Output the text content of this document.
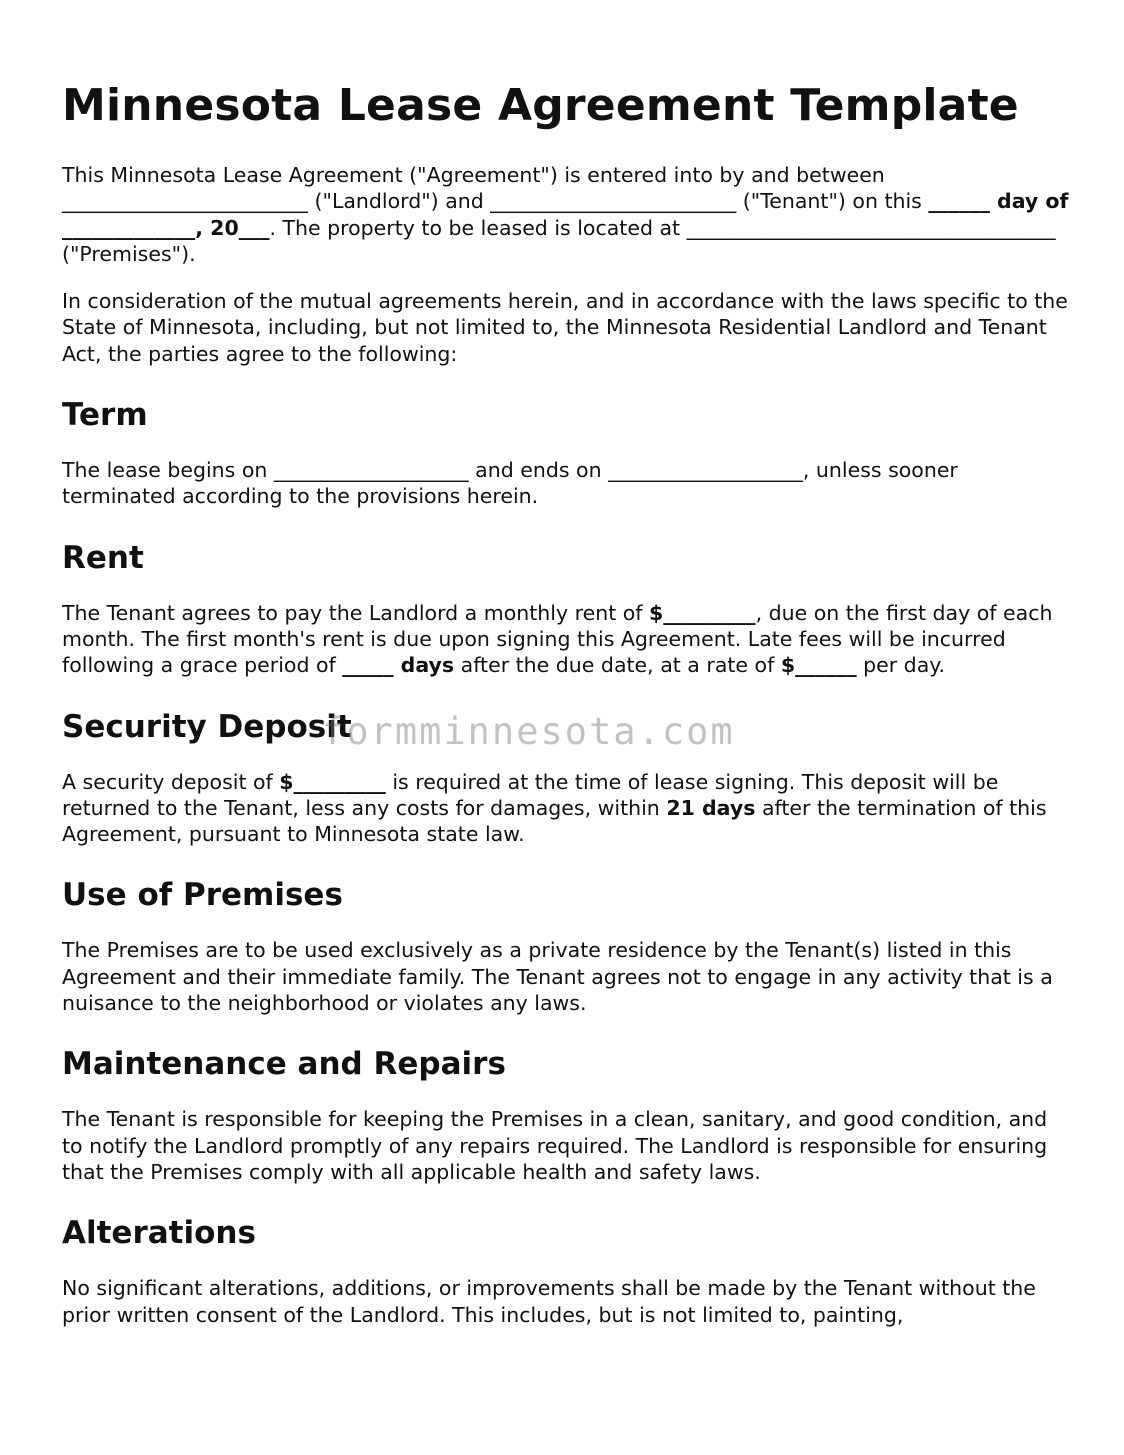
Minnesota Lease Agreement Template

This Minnesota Lease Agreement ("Agreement") is entered into by and between ________________________ ("Landlord") and ________________________ ("Tenant") on this ______ day of _____________, 20___. The property to be leased is located at ____________________________________ ("Premises").

In consideration of the mutual agreements herein, and in accordance with the laws specific to the State of Minnesota, including, but not limited to, the Minnesota Residential Landlord and Tenant Act, the parties agree to the following:

Term

The lease begins on ___________________ and ends on ___________________, unless sooner terminated according to the provisions herein.

Rent

The Tenant agrees to pay the Landlord a monthly rent of $_________, due on the first day of each month. The first month's rent is due upon signing this Agreement. Late fees will be incurred following a grace period of _____ days after the due date, at a rate of $______ per day.

Security Deposit

A security deposit of $_________ is required at the time of lease signing. This deposit will be returned to the Tenant, less any costs for damages, within 21 days after the termination of this Agreement, pursuant to Minnesota state law.

Use of Premises

The Premises are to be used exclusively as a private residence by the Tenant(s) listed in this Agreement and their immediate family. The Tenant agrees not to engage in any activity that is a nuisance to the neighborhood or violates any laws.

Maintenance and Repairs

The Tenant is responsible for keeping the Premises in a clean, sanitary, and good condition, and to notify the Landlord promptly of any repairs required. The Landlord is responsible for ensuring that the Premises comply with all applicable health and safety laws.

Alterations

No significant alterations, additions, or improvements shall be made by the Tenant without the prior written consent of the Landlord. This includes, but is not limited to, painting,

formminnesota.com
